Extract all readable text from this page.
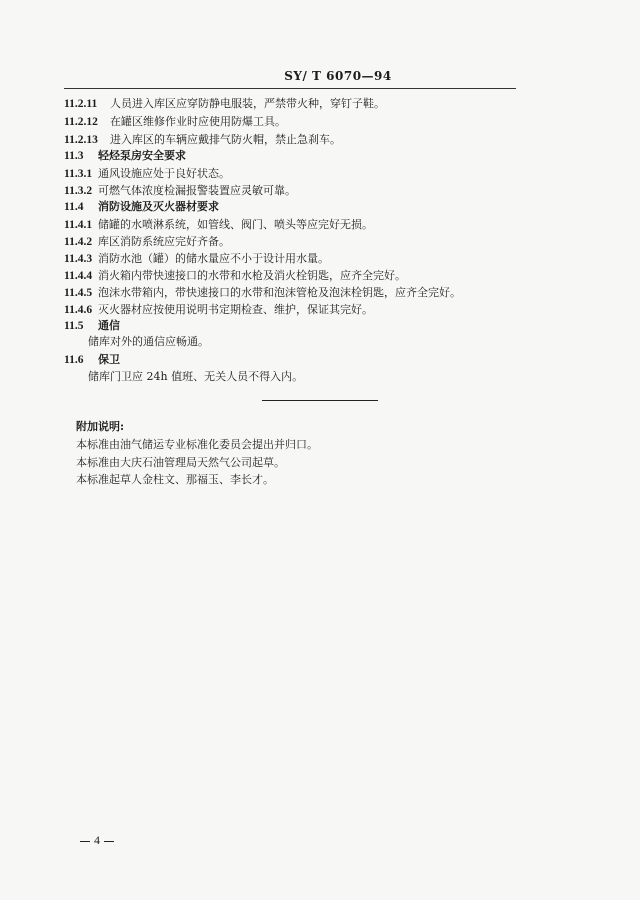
SY/ T 6070—94
11.2.11 人员进入库区应穿防静电服装，严禁带火种，穿钉子鞋。
11.2.12 在罐区维修作业时应使用防爆工具。
11.2.13 进入库区的车辆应戴排气防火帽，禁止急刹车。
11.3 轻烃泵房安全要求
11.3.1 通风设施应处于良好状态。
11.3.2 可燃气体浓度检漏报警装置应灵敏可靠。
11.4 消防设施及灭火器材要求
11.4.1 储罐的水喷淋系统，如管线、阀门、喷头等应完好无损。
11.4.2 库区消防系统应完好齐备。
11.4.3 消防水池（罐）的储水量应不小于设计用水量。
11.4.4 消火箱内带快速接口的水带和水枪及消火栓钥匙，应齐全完好。
11.4.5 泡沫水带箱内，带快速接口的水带和泡沫管枪及泡沫栓钥匙，应齐全完好。
11.4.6 灭火器材应按使用说明书定期检查、维护，保证其完好。
11.5 通信
储库对外的通信应畅通。
11.6 保卫
储库门卫应 24h 值班、无关人员不得入内。
附加说明:
本标准由油气储运专业标准化委员会提出并归口。
本标准由大庆石油管理局天然气公司起草。
本标准起草人金柱文、那福玉、李长才。
4
